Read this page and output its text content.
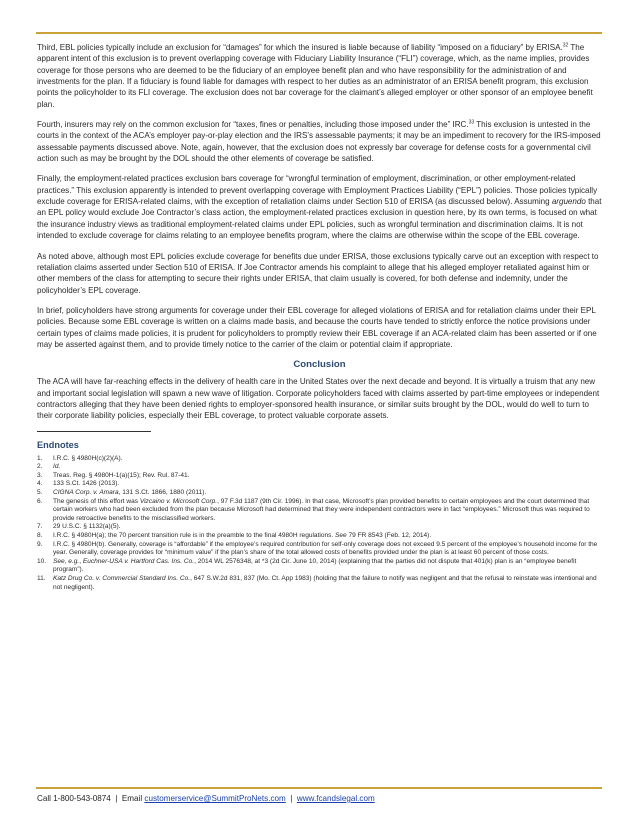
Third, EBL policies typically include an exclusion for “damages” for which the insured is liable because of liability “imposed on a fiduciary” by ERISA.$^{32}$ The apparent intent of this exclusion is to prevent overlapping coverage with Fiduciary Liability Insurance (“FLI”) coverage, which, as the name implies, provides coverage for those persons who are deemed to be the fiduciary of an employee benefit plan and who have responsibility for the administration of and investments for the plan. If a fiduciary is found liable for damages with respect to her duties as an administrator of an ERISA benefit program, this exclusion points the policyholder to its FLI coverage. The exclusion does not bar coverage for the claimant’s alleged employer or other sponsor of an employee benefit plan.

Fourth, insurers may rely on the common exclusion for “taxes, fines or penalties, including those imposed under the” IRC.$^{33}$ This exclusion is untested in the courts in the context of the ACA’s employer pay-or-play election and the IRS’s assessable payments; it may be an impediment to recovery for the IRS-imposed assessable payments discussed above. Note, again, however, that the exclusion does not expressly bar coverage for defense costs for a governmental civil action such as may be brought by the DOL should the other elements of coverage be satisfied.

Finally, the employment-related practices exclusion bars coverage for “wrongful termination of employment, discrimination, or other employment-related practices.” This exclusion apparently is intended to prevent overlapping coverage with Employment Practices Liability (“EPL”) policies. Those policies typically exclude coverage for ERISA-related claims, with the exception of retaliation claims under Section 510 of ERISA (as discussed below). Assuming arguendo that an EPL policy would exclude Joe Contractor’s class action, the employment-related practices exclusion in question here, by its own terms, is focused on what the insurance industry views as traditional employment-related claims under EPL policies, such as wrongful termination and discrimination claims. It is not intended to exclude coverage for claims relating to an employee benefits program, where the claims are otherwise within the scope of the EBL coverage.

As noted above, although most EPL policies exclude coverage for benefits due under ERISA, those exclusions typically carve out an exception with respect to retaliation claims asserted under Section 510 of ERISA. If Joe Contractor amends his complaint to allege that his alleged employer retaliated against him or other members of the class for attempting to secure their rights under ERISA, that claim usually is covered, for both defense and indemnity, under the policyholder’s EPL coverage.

In brief, policyholders have strong arguments for coverage under their EBL coverage for alleged violations of ERISA and for retaliation claims under their EPL policies. Because some EBL coverage is written on a claims made basis, and because the courts have tended to strictly enforce the notice provisions under certain types of claims made policies, it is prudent for policyholders to promptly review their EBL coverage if an ACA-related claim has been asserted or if one may be asserted against them, and to provide timely notice to the carrier of the claim or potential claim if appropriate.

Conclusion

The ACA will have far-reaching effects in the delivery of health care in the United States over the next decade and beyond. It is virtually a truism that any new and important social legislation will spawn a new wave of litigation. Corporate policyholders faced with claims asserted by part-time employees or independent contractors alleging that they have been denied rights to employer-sponsored health insurance, or similar suits brought by the DOL, would do well to turn to their corporate liability policies, especially their EBL coverage, to protect valuable corporate assets.

Endnotes
1.	I.R.C. § 4980H(c)(2)(A).
2.	Id.
3.	Treas. Reg. § 4980H-1(a)(15); Rev. Rul. 87-41.
4.	133 S.Ct. 1426 (2013).
5.	CIGNA Corp. v. Amara, 131 S.Ct. 1866, 1880 (2011).
6.	The genesis of this effort was Vizcaino v. Microsoft Corp., 97 F.3d 1187 (9th Cir. 1996). In that case, Microsoft’s plan provided benefits to certain employees and the court determined that certain workers who had been excluded from the plan because Microsoft had determined that they were independent contractors were in fact “employees.” Microsoft thus was required to provide retroactive benefits to the misclassified workers.
7.	29 U.S.C. § 1132(a)(5).
8.	I.R.C. § 4980H(a); the 70 percent transition rule is in the preamble to the final 4980H regulations. See 79 FR 8543 (Feb. 12, 2014).
9.	I.R.C. § 4980H(b). Generally, coverage is “affordable” if the employee’s required contribution for self-only coverage does not exceed 9.5 percent of the employee’s household income for the year. Generally, coverage provides for “minimum value” if the plan’s share of the total allowed costs of benefits provided under the plan is at least 60 percent of those costs.
10.	See, e.g., Euchner-USA v. Hartford Cas. Ins. Co., 2014 WL 2576348, at *3 (2d Cir. June 10, 2014) (explaining that the parties did not dispute that 401(k) plan is an “employee benefit program”).
11.	Katz Drug Co. v. Commercial Standard Ins. Co., 647 S.W.2d 831, 837 (Mo. Ct. App 1983) (holding that the failure to notify was negligent and that the refusal to reinstate was intentional and not negligent).
Call 1-800-543-0874  |  Email customerservice@SummitProNets.com  |  www.fcandslegal.com
